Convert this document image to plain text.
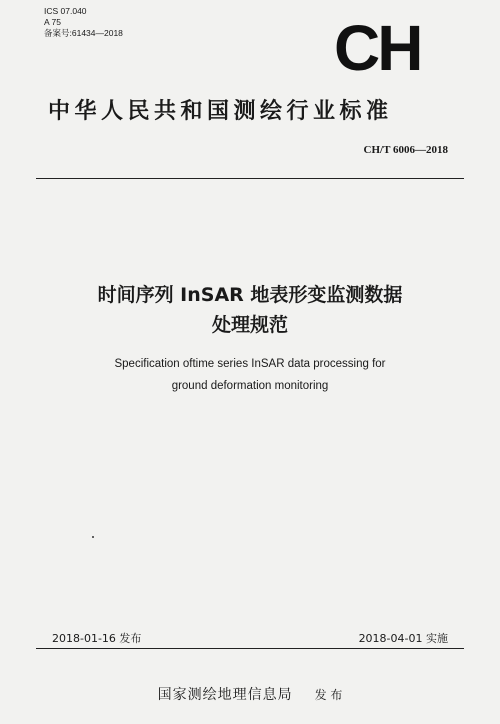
ICS 07.040
A 75
备案号:61434—2018	CH
中华人民共和国测绘行业标准
CH/T 6006—2018
时间序列 InSAR 地表形变监测数据
处理规范
Specification oftime series InSAR data processing for
ground deformation monitoring
2018-01-16 发布	2018-04-01 实施
国家测绘地理信息局 发 布
